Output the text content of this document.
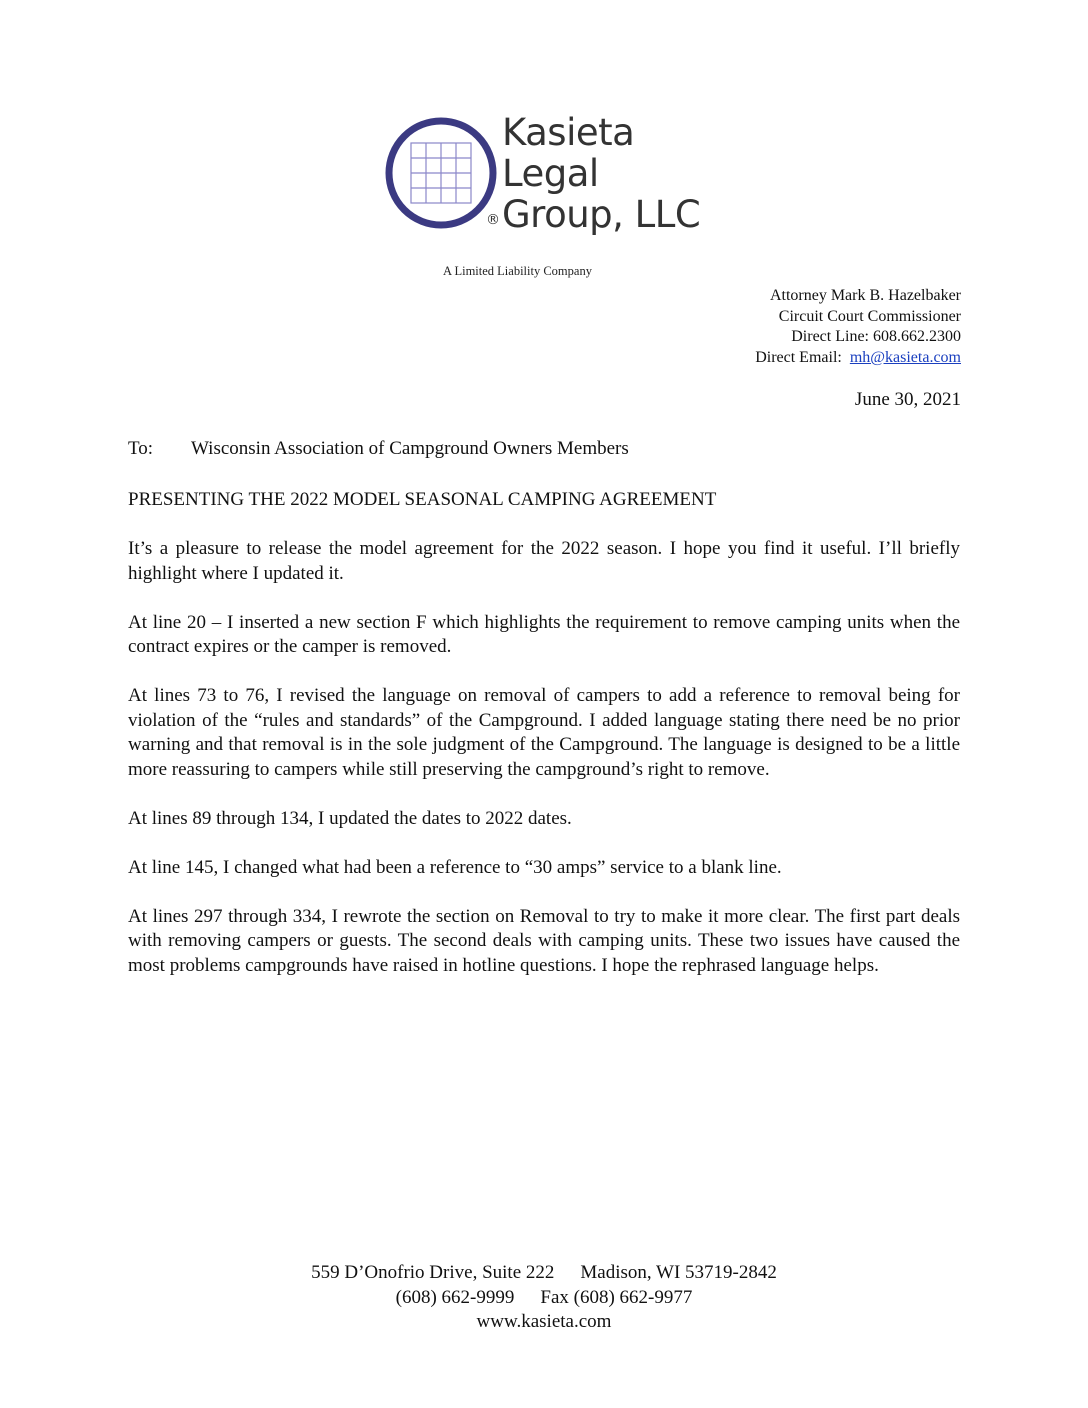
Kasieta
Legal
Group, LLC
®
A Limited Liability Company
Attorney Mark B. Hazelbaker
Circuit Court Commissioner
Direct Line: 608.662.2300
Direct Email: mh@kasieta.com
June 30, 2021
To: Wisconsin Association of Campground Owners Members

PRESENTING THE 2022 MODEL SEASONAL CAMPING AGREEMENT

It’s a pleasure to release the model agreement for the 2022 season. I hope you find it useful. I’ll briefly highlight where I updated it.

At line 20 – I inserted a new section F which highlights the requirement to remove camping units when the contract expires or the camper is removed.

At lines 73 to 76, I revised the language on removal of campers to add a reference to removal being for violation of the “rules and standards” of the Campground. I added language stating there need be no prior warning and that removal is in the sole judgment of the Campground. The language is designed to be a little more reassuring to campers while still preserving the campground’s right to remove.

At lines 89 through 134, I updated the dates to 2022 dates.

At line 145, I changed what had been a reference to “30 amps” service to a blank line.

At lines 297 through 334, I rewrote the section on Removal to try to make it more clear. The first part deals with removing campers or guests. The second deals with camping units. These two issues have caused the most problems campgrounds have raised in hotline questions. I hope the rephrased language helps.

559 D’Onofrio Drive, Suite 222 Madison, WI 53719-2842
(608) 662-9999 Fax (608) 662-9977
www.kasieta.com
